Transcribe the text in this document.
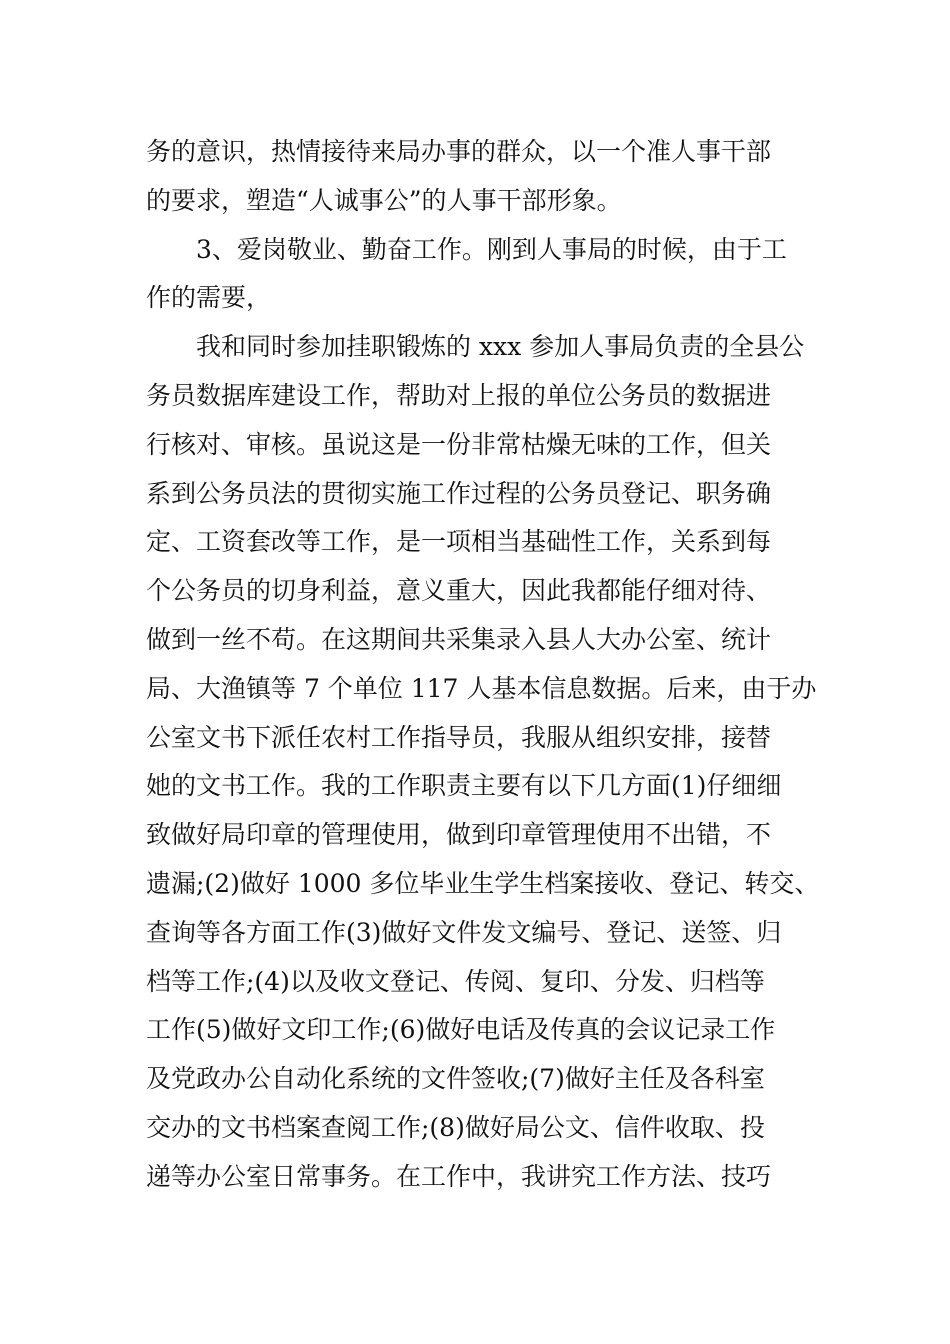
务的意识，热情接待来局办事的群众，以一个准人事干部
的要求，塑造“人诚事公”的人事干部形象。
3、爱岗敬业、勤奋工作。刚到人事局的时候，由于工
作的需要，
我和同时参加挂职锻炼的 xxx 参加人事局负责的全县公
务员数据库建设工作，帮助对上报的单位公务员的数据进
行核对、审核。虽说这是一份非常枯燥无味的工作，但关
系到公务员法的贯彻实施工作过程的公务员登记、职务确
定、工资套改等工作，是一项相当基础性工作，关系到每
个公务员的切身利益，意义重大，因此我都能仔细对待、
做到一丝不苟。在这期间共采集录入县人大办公室、统计
局、大渔镇等 7 个单位 117 人基本信息数据。后来，由于办
公室文书下派任农村工作指导员，我服从组织安排，接替
她的文书工作。我的工作职责主要有以下几方面(1)仔细细
致做好局印章的管理使用，做到印章管理使用不出错，不
遗漏;(2)做好 1000 多位毕业生学生档案接收、登记、转交、
查询等各方面工作(3)做好文件发文编号、登记、送签、归
档等工作;(4)以及收文登记、传阅、复印、分发、归档等
工作(5)做好文印工作;(6)做好电话及传真的会议记录工作
及党政办公自动化系统的文件签收;(7)做好主任及各科室
交办的文书档案查阅工作;(8)做好局公文、信件收取、投
递等办公室日常事务。在工作中，我讲究工作方法、技巧
